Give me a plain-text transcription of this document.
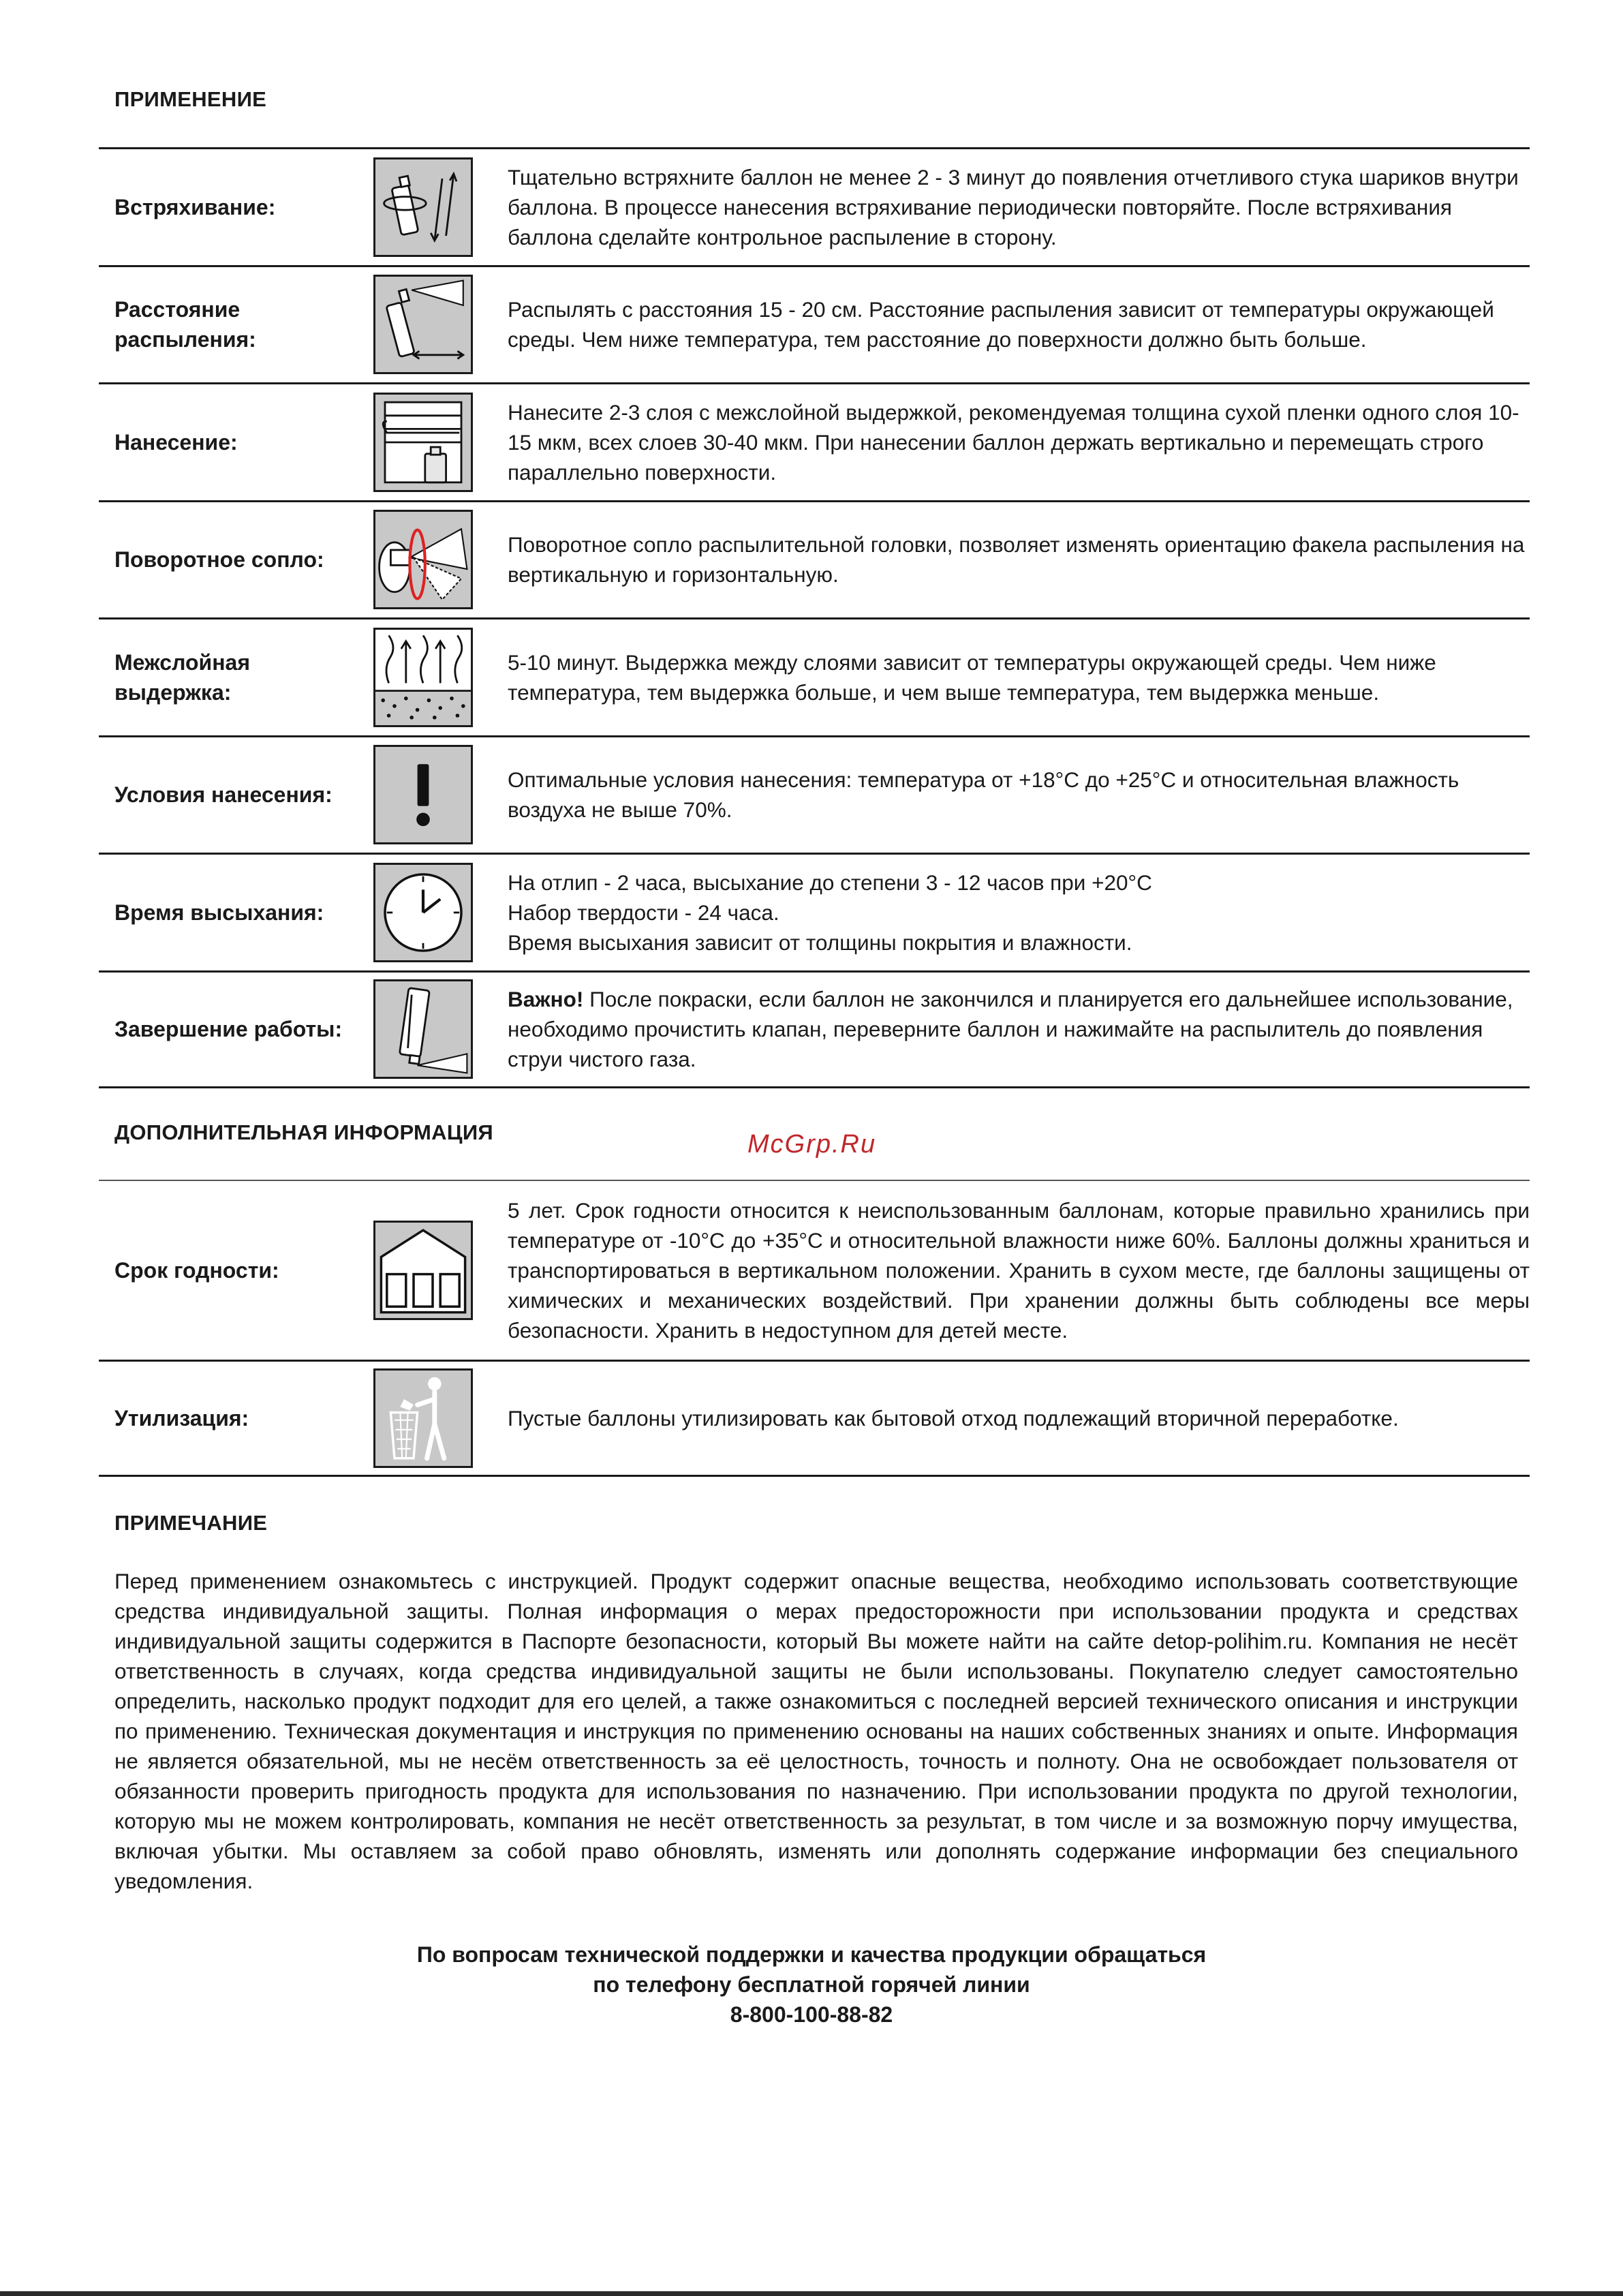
ПРИМЕНЕНИЕ
Встряхивание:
Тщательно встряхните баллон не менее 2 - 3 минут до появления отчетливого стука шариков внутри баллона. В процессе нанесения встряхивание периодически повторяйте. После встряхивания баллона сделайте контрольное распыление в сторону.
Расстояние распыления:
Распылять с расстояния 15 - 20 см. Расстояние распыления зависит от температуры окружающей среды. Чем ниже температура, тем расстояние до поверхности должно быть больше.
Нанесение:
Нанесите 2-3 слоя с межслойной выдержкой, рекомендуемая толщина сухой пленки одного слоя 10-15 мкм, всех слоев 30-40 мкм. При нанесении баллон держать вертикально и перемещать строго параллельно поверхности.
Поворотное сопло:
Поворотное сопло распылительной головки, позволяет изменять ориентацию факела распыления на вертикальную и горизонтальную.
Межслойная выдержка:
5-10 минут. Выдержка между слоями зависит от температуры окружающей среды. Чем ниже температура, тем выдержка больше, и чем выше температура, тем выдержка меньше.
Условия нанесения:
Оптимальные условия нанесения: температура от +18°С до +25°С и относительная влажность воздуха не выше 70%.
Время высыхания:
На отлип - 2 часа, высыхание до степени 3 - 12 часов при +20°С
Набор твердости - 24 часа.
Время высыхания зависит от толщины покрытия и влажности.
Завершение работы:
Важно! После покраски, если баллон не закончился и планируется его дальнейшее использование, необходимо прочистить клапан, переверните баллон и нажимайте на распылитель до появления струи чистого газа.
ДОПОЛНИТЕЛЬНАЯ ИНФОРМАЦИЯ	McGrp.Ru
Срок годности:
5 лет. Срок годности относится к неиспользованным баллонам, которые правильно хранились при температуре от -10°С до +35°С и относительной влажности ниже 60%. Баллоны должны храниться и транспортироваться в вертикальном положении. Хранить в сухом месте, где баллоны защищены от химических и механических воздействий. При хранении должны быть соблюдены все меры безопасности. Хранить в недоступном для детей месте.
Утилизация:	Пустые баллоны утилизировать как бытовой отход подлежащий вторичной переработке.
ПРИМЕЧАНИЕ
Перед применением ознакомьтесь с инструкцией. Продукт содержит опасные вещества, необходимо использовать соответствующие средства индивидуальной защиты. Полная информация о мерах предосторожности при использовании продукта и средствах индивидуальной защиты содержится в Паспорте безопасности, который Вы можете найти на сайте detop-polihim.ru. Компания не несёт ответственность в случаях, когда средства индивидуальной защиты не были использованы. Покупателю следует самостоятельно определить, насколько продукт подходит для его целей, а также ознакомиться с последней версией технического описания и инструкции по применению. Техническая документация и инструкция по применению основаны на наших собственных знаниях и опыте. Информация не является обязательной, мы не несём ответственность за её целостность, точность и полноту. Она не освобождает пользователя от обязанности проверить пригодность продукта для использования по назначению. При использовании продукта по другой технологии, которую мы не можем контролировать, компания не несёт ответственность за результат, в том числе и за возможную порчу имущества, включая убытки. Мы оставляем за собой право обновлять, изменять или дополнять содержание информации без специального уведомления.
По вопросам технической поддержки и качества продукции обращаться
по телефону бесплатной горячей линии
8-800-100-88-82
